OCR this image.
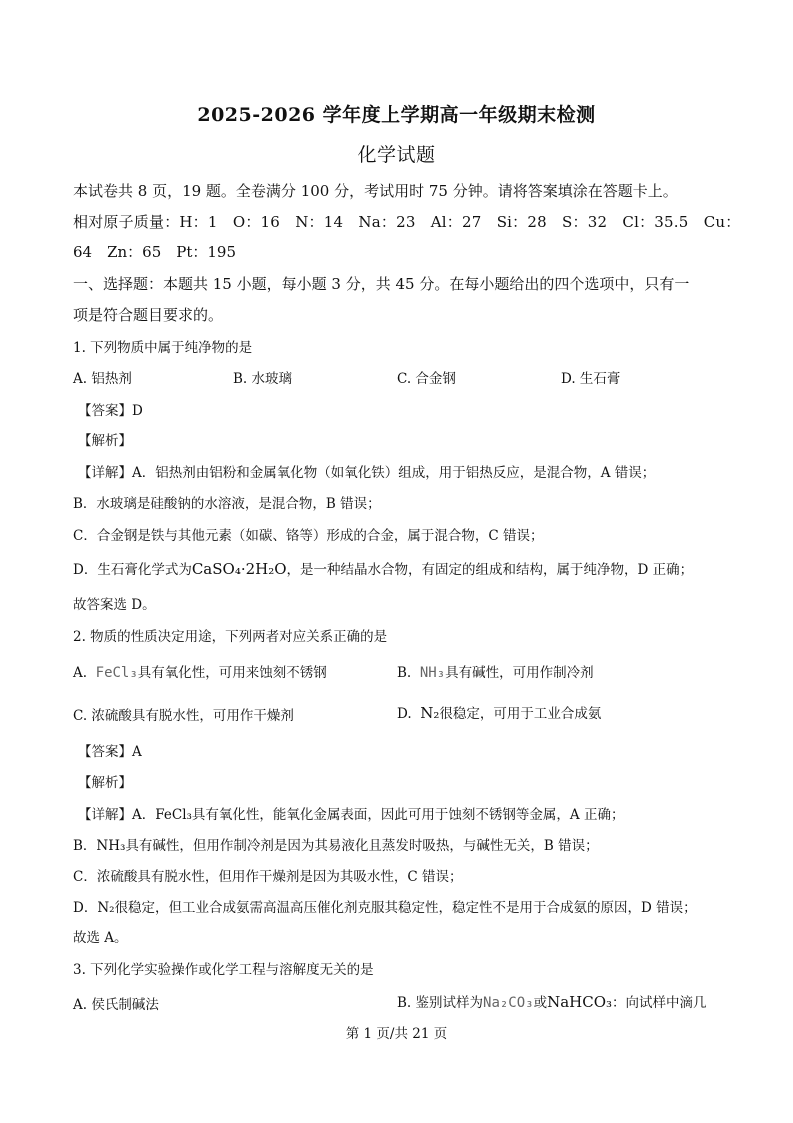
2025-2026 学年度上学期高一年级期末检测
化学试题
本试卷共 8 页，19 题。全卷满分 100 分，考试用时 75 分钟。请将答案填涂在答题卡上。
相对原子质量：H：1　O：16　N：14　Na：23　Al：27　Si：28　S：32　Cl：35.5　Cu：
64　Zn：65　Pt：195
一、选择题：本题共 15 小题，每小题 3 分，共 45 分。在每小题给出的四个选项中，只有一
项是符合题目要求的。
1. 下列物质中属于纯净物的是
A. 铝热剂	B. 水玻璃	C. 合金钢	D. 生石膏
【答案】D
【解析】
【详解】A．铝热剂由铝粉和金属氧化物（如氧化铁）组成，用于铝热反应，是混合物，A 错误；
B．水玻璃是硅酸钠的水溶液，是混合物，B 错误；
C．合金钢是铁与其他元素（如碳、铬等）形成的合金，属于混合物，C 错误；
D．生石膏化学式为CaSO₄·2H₂O，是一种结晶水合物，有固定的组成和结构，属于纯净物，D 正确；
故答案选 D。
2. 物质的性质决定用途，下列两者对应关系正确的是
A. FeCl₃具有氧化性，可用来蚀刻不锈钢	B. NH₃具有碱性，可用作制冷剂
C. 浓硫酸具有脱水性，可用作干燥剂	D. N₂很稳定，可用于工业合成氨
【答案】A
【解析】
【详解】A．FeCl₃具有氧化性，能氧化金属表面，因此可用于蚀刻不锈钢等金属，A 正确；
B．NH₃具有碱性，但用作制冷剂是因为其易液化且蒸发时吸热，与碱性无关，B 错误；
C．浓硫酸具有脱水性，但用作干燥剂是因为其吸水性，C 错误；
D．N₂很稳定，但工业合成氨需高温高压催化剂克服其稳定性，稳定性不是用于合成氨的原因，D 错误；
故选 A。
3. 下列化学实验操作或化学工程与溶解度无关的是
A. 侯氏制碱法	B. 鉴别试样为Na₂CO₃或NaHCO₃：向试样中滴几
第 1 页/共 21 页
